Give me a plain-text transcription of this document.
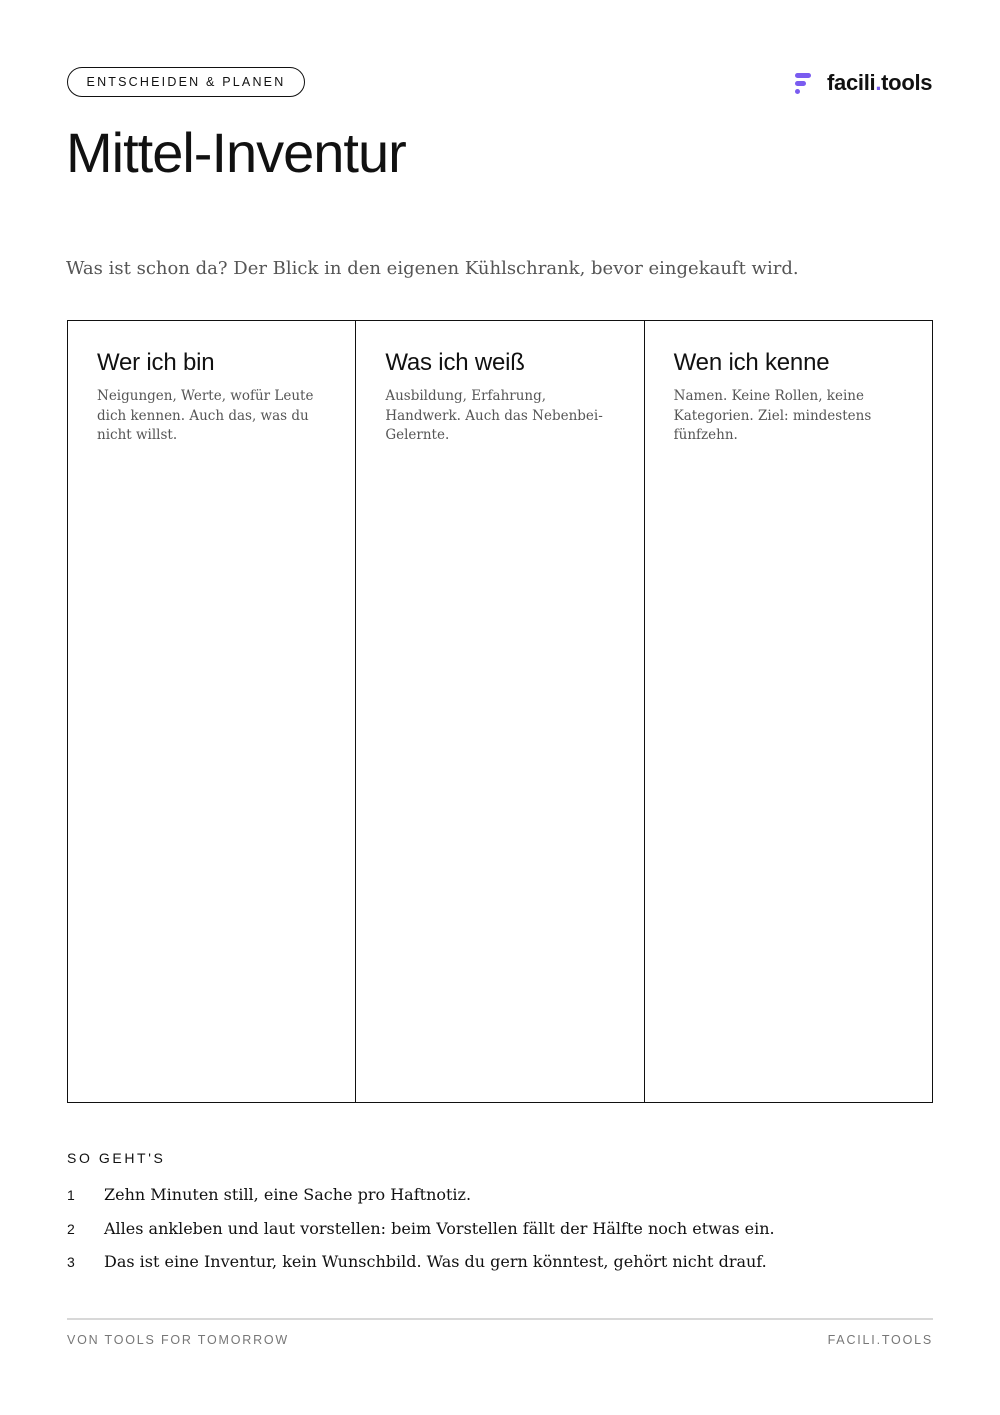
ENTSCHEIDEN & PLANEN	facili.tools
Mittel-Inventur

Was ist schon da? Der Blick in den eigenen Kühlschrank, bevor eingekauft wird.

Wer ich bin

Neigungen, Werte, wofür Leute dich kennen. Auch das, was du nicht willst.

Was ich weiß

Ausbildung, Erfahrung, Handwerk. Auch das Nebenbei-Gelernte.

Wen ich kenne

Namen. Keine Rollen, keine Kategorien. Ziel: mindestens fünfzehn.

SO GEHT'S
1	Zehn Minuten still, eine Sache pro Haftnotiz.
2	Alles ankleben und laut vorstellen: beim Vorstellen fällt der Hälfte noch etwas ein.
3	Das ist eine Inventur, kein Wunschbild. Was du gern könntest, gehört nicht drauf.
VON TOOLS FOR TOMORROW	FACILI.TOOLS
